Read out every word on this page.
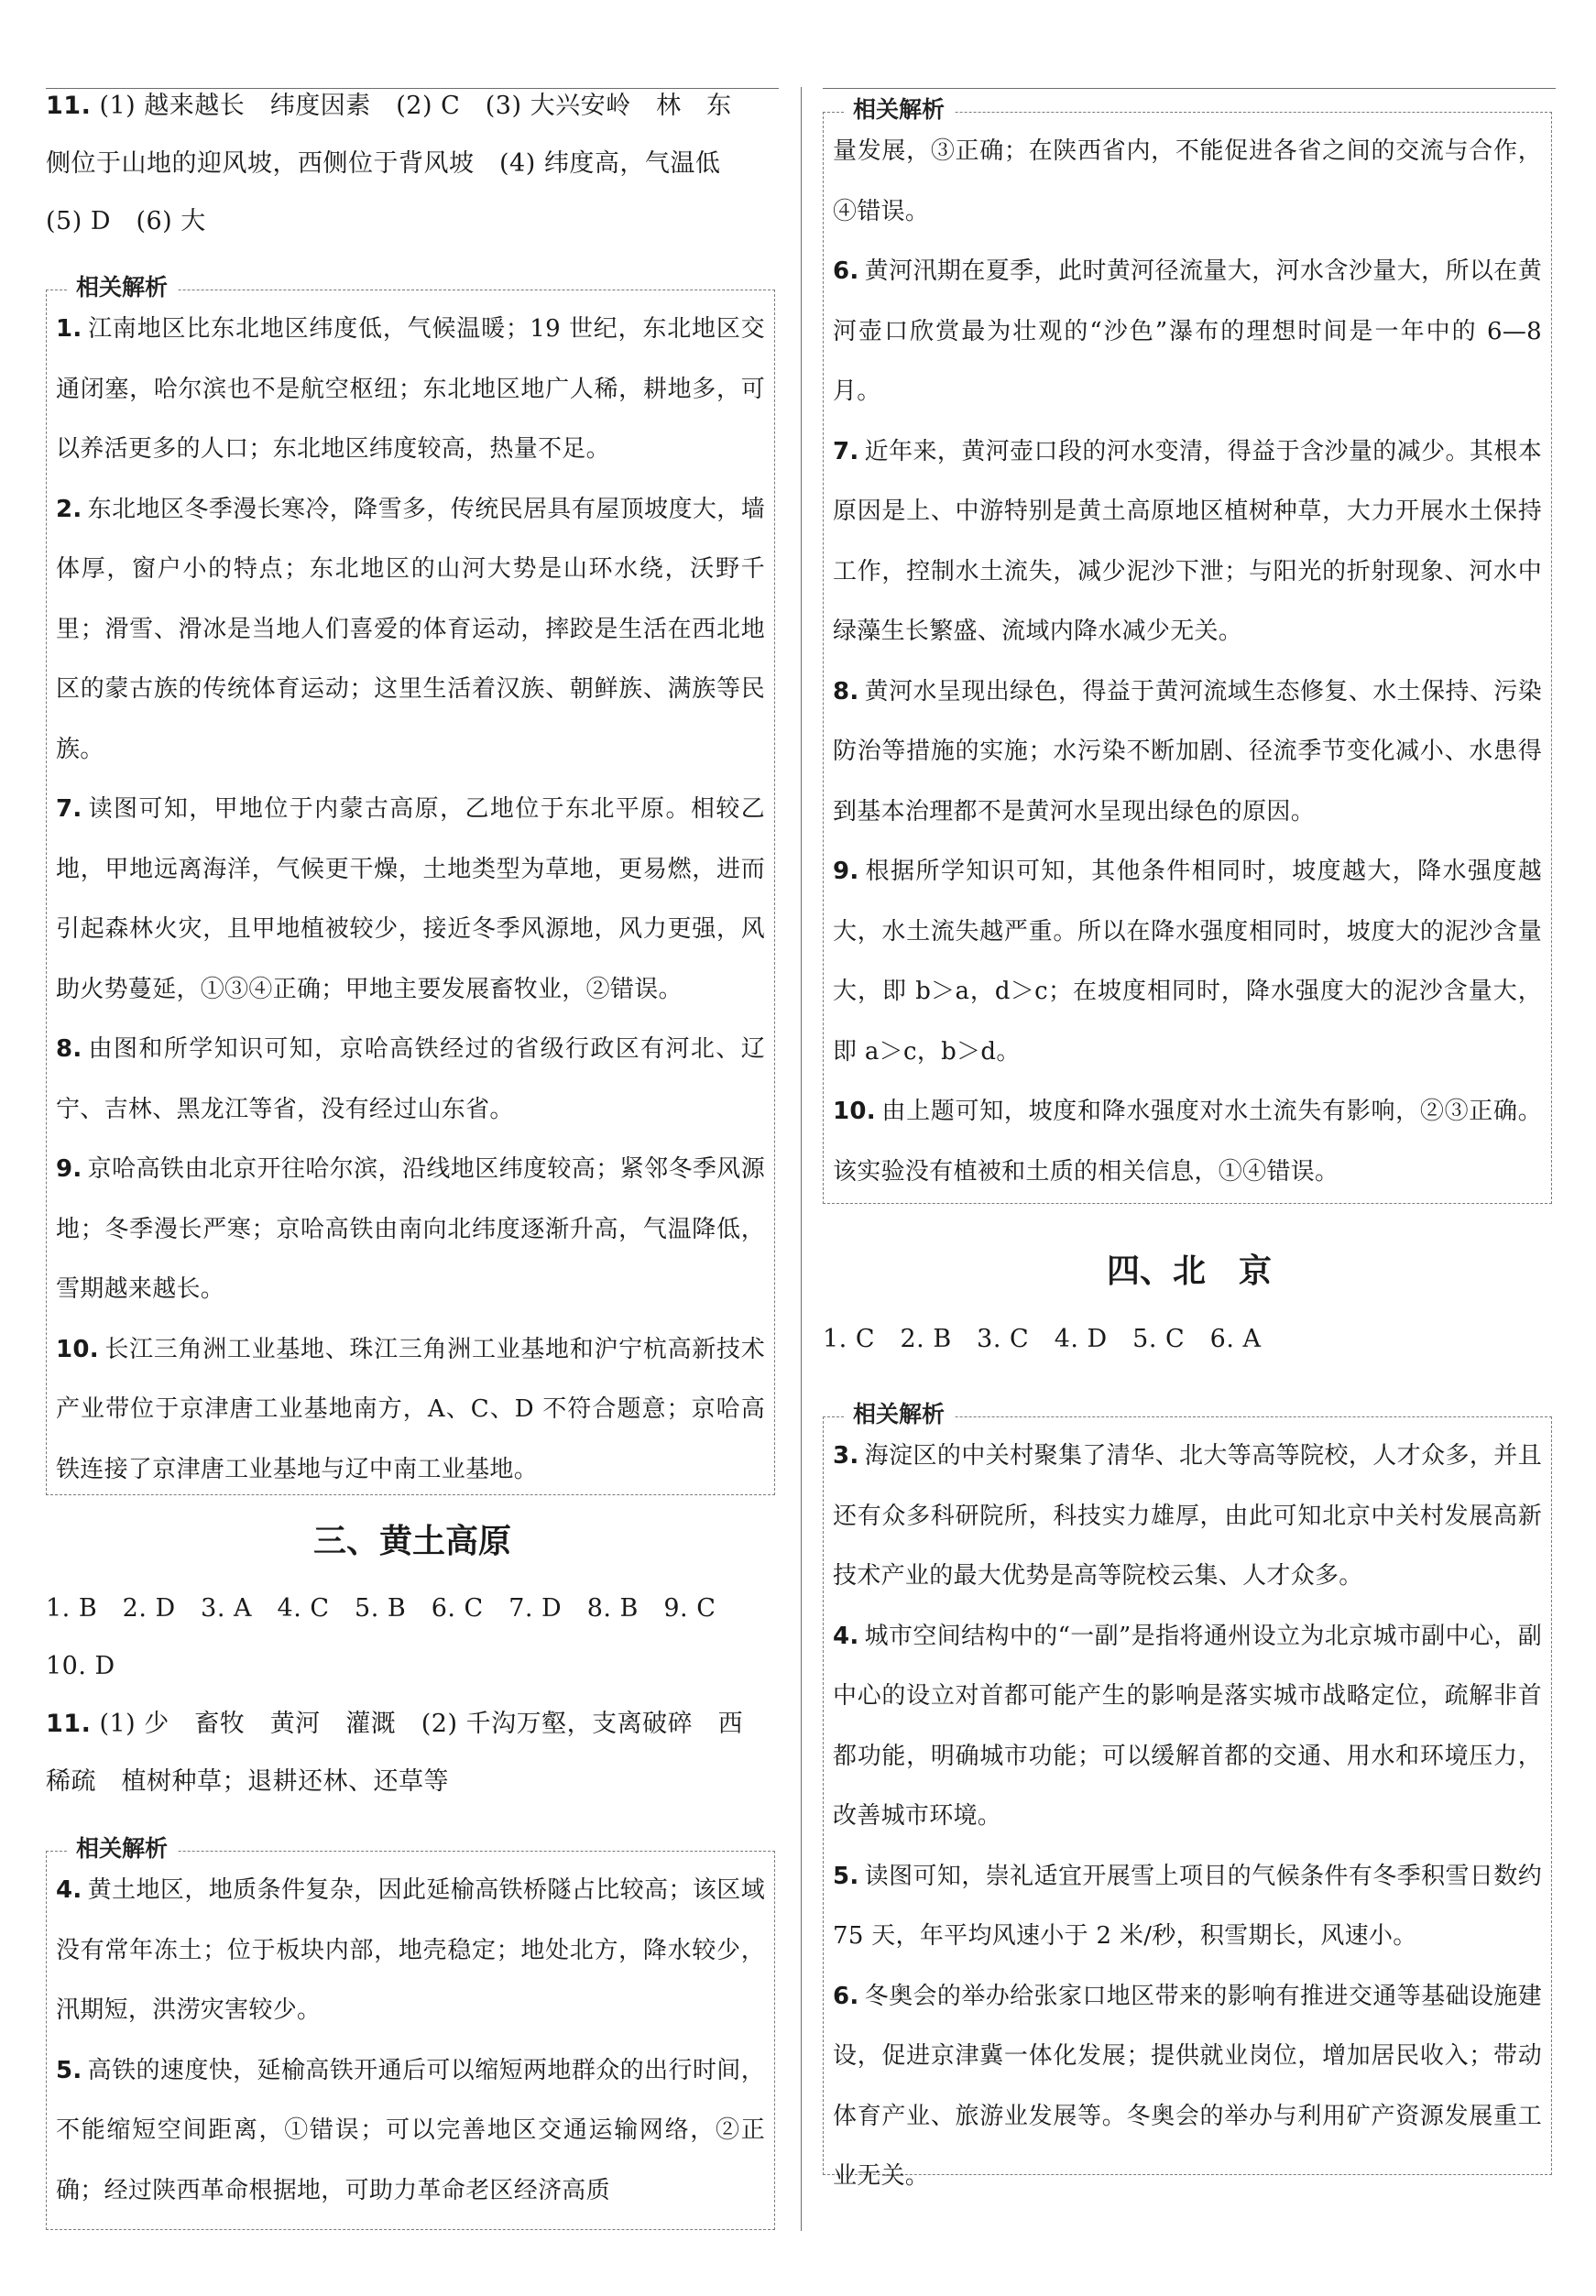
11. (1) 越来越长　纬度因素　(2) C　(3) 大兴安岭　林　东
侧位于山地的迎风坡，西侧位于背风坡　(4) 纬度高，气温低
(5) D　(6) 大
相关解析
1. 江南地区比东北地区纬度低，气候温暖；19 世纪，东北地区交通闭塞，哈尔滨也不是航空枢纽；东北地区地广人稀，耕地多，可以养活更多的人口；东北地区纬度较高，热量不足。
2. 东北地区冬季漫长寒冷，降雪多，传统民居具有屋顶坡度大，墙体厚，窗户小的特点；东北地区的山河大势是山环水绕，沃野千里；滑雪、滑冰是当地人们喜爱的体育运动，摔跤是生活在西北地区的蒙古族的传统体育运动；这里生活着汉族、朝鲜族、满族等民族。
7. 读图可知，甲地位于内蒙古高原，乙地位于东北平原。相较乙地，甲地远离海洋，气候更干燥，土地类型为草地，更易燃，进而引起森林火灾，且甲地植被较少，接近冬季风源地，风力更强，风助火势蔓延，①③④正确；甲地主要发展畜牧业，②错误。
8. 由图和所学知识可知，京哈高铁经过的省级行政区有河北、辽宁、吉林、黑龙江等省，没有经过山东省。
9. 京哈高铁由北京开往哈尔滨，沿线地区纬度较高；紧邻冬季风源地；冬季漫长严寒；京哈高铁由南向北纬度逐渐升高，气温降低，雪期越来越长。
10. 长江三角洲工业基地、珠江三角洲工业基地和沪宁杭高新技术产业带位于京津唐工业基地南方，A、C、D 不符合题意；京哈高铁连接了京津唐工业基地与辽中南工业基地。
三、黄土高原
1. B　2. D　3. A　4. C　5. B　6. C　7. D　8. B　9. C
10. D
11. (1) 少　畜牧　黄河　灌溉　(2) 千沟万壑，支离破碎　西
稀疏　植树种草；退耕还林、还草等
相关解析
4. 黄土地区，地质条件复杂，因此延榆高铁桥隧占比较高；该区域没有常年冻土；位于板块内部，地壳稳定；地处北方，降水较少，汛期短，洪涝灾害较少。
5. 高铁的速度快，延榆高铁开通后可以缩短两地群众的出行时间，不能缩短空间距离，①错误；可以完善地区交通运输网络，②正确；经过陕西革命根据地，可助力革命老区经济高质
相关解析
量发展，③正确；在陕西省内，不能促进各省之间的交流与合作，④错误。
6. 黄河汛期在夏季，此时黄河径流量大，河水含沙量大，所以在黄河壶口欣赏最为壮观的“沙色”瀑布的理想时间是一年中的 6—8 月。
7. 近年来，黄河壶口段的河水变清，得益于含沙量的减少。其根本原因是上、中游特别是黄土高原地区植树种草，大力开展水土保持工作，控制水土流失，减少泥沙下泄；与阳光的折射现象、河水中绿藻生长繁盛、流域内降水减少无关。
8. 黄河水呈现出绿色，得益于黄河流域生态修复、水土保持、污染防治等措施的实施；水污染不断加剧、径流季节变化减小、水患得到基本治理都不是黄河水呈现出绿色的原因。
9. 根据所学知识可知，其他条件相同时，坡度越大，降水强度越大，水土流失越严重。所以在降水强度相同时，坡度大的泥沙含量大，即 b＞a，d＞c；在坡度相同时，降水强度大的泥沙含量大，即 a＞c，b＞d。
10. 由上题可知，坡度和降水强度对水土流失有影响，②③正确。该实验没有植被和土质的相关信息，①④错误。
四、北　京
1. C　2. B　3. C　4. D　5. C　6. A
相关解析
3. 海淀区的中关村聚集了清华、北大等高等院校，人才众多，并且还有众多科研院所，科技实力雄厚，由此可知北京中关村发展高新技术产业的最大优势是高等院校云集、人才众多。
4. 城市空间结构中的“一副”是指将通州设立为北京城市副中心，副中心的设立对首都可能产生的影响是落实城市战略定位，疏解非首都功能，明确城市功能；可以缓解首都的交通、用水和环境压力，改善城市环境。
5. 读图可知，崇礼适宜开展雪上项目的气候条件有冬季积雪日数约 75 天，年平均风速小于 2 米/秒，积雪期长，风速小。
6. 冬奥会的举办给张家口地区带来的影响有推进交通等基础设施建设，促进京津冀一体化发展；提供就业岗位，增加居民收入；带动体育产业、旅游业发展等。冬奥会的举办与利用矿产资源发展重工业无关。
